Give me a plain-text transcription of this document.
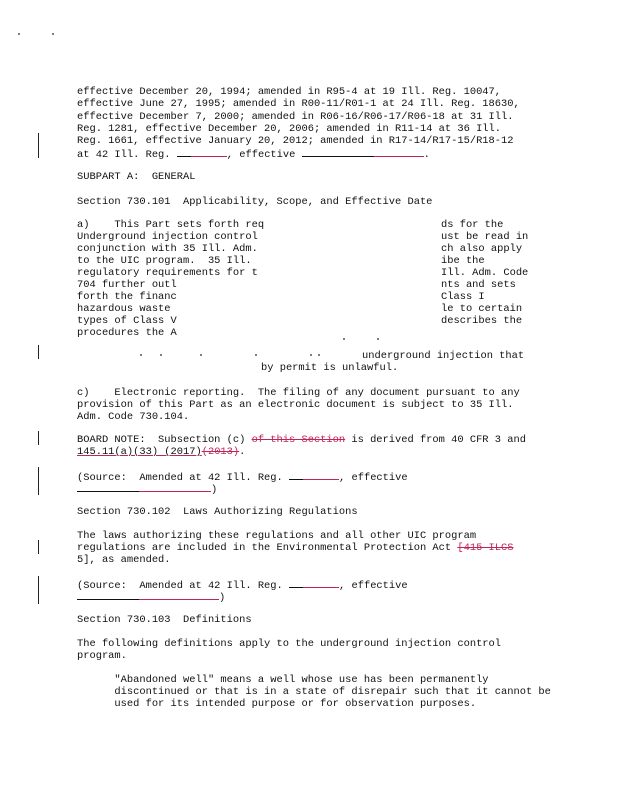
effective December 20, 1994; amended in R95-4 at 19 Ill. Reg. 10047,
effective June 27, 1995; amended in R00-11/R01-1 at 24 Ill. Reg. 18630,
effective December 7, 2000; amended in R06-16/R06-17/R06-18 at 31 Ill.
Reg. 1281, effective December 20, 2006; amended in R11-14 at 36 Ill.
Reg. 1661, effective January 20, 2012; amended in R17-14/R17-15/R18-12
at 42 Ill. Reg.	, effective	.
SUBPART A:  GENERAL
Section 730.101  Applicability, Scope, and Effective Date
a)    This Part sets forth req
Underground injection control
conjunction with 35 Ill. Adm.
to the UIC program.  35 Ill.
regulatory requirements for t
704 further outl
forth the financ
hazardous waste
types of Class V
procedures the A
ds for the
ust be read in
ch also apply
ibe the
Ill. Adm. Code
nts and sets
Class I
le to certain
describes the
underground injection that
by permit is unlawful.
c)    Electronic reporting.  The filing of any document pursuant to any
provision of this Part as an electronic document is subject to 35 Ill.
Adm. Code 730.104.
BOARD NOTE:  Subsection (c) of this Section is derived from 40 CFR 3 and
145.11(a)(33) (2017)(2013).
(Source:  Amended at 42 Ill. Reg.	, effective
)
Section 730.102  Laws Authorizing Regulations
The laws authorizing these regulations and all other UIC program
regulations are included in the Environmental Protection Act [415 ILCS
5], as amended.
(Source:  Amended at 42 Ill. Reg.	, effective
)
Section 730.103  Definitions
The following definitions apply to the underground injection control
program.
"Abandoned well" means a well whose use has been permanently
discontinued or that is in a state of disrepair such that it cannot be
used for its intended purpose or for observation purposes.
